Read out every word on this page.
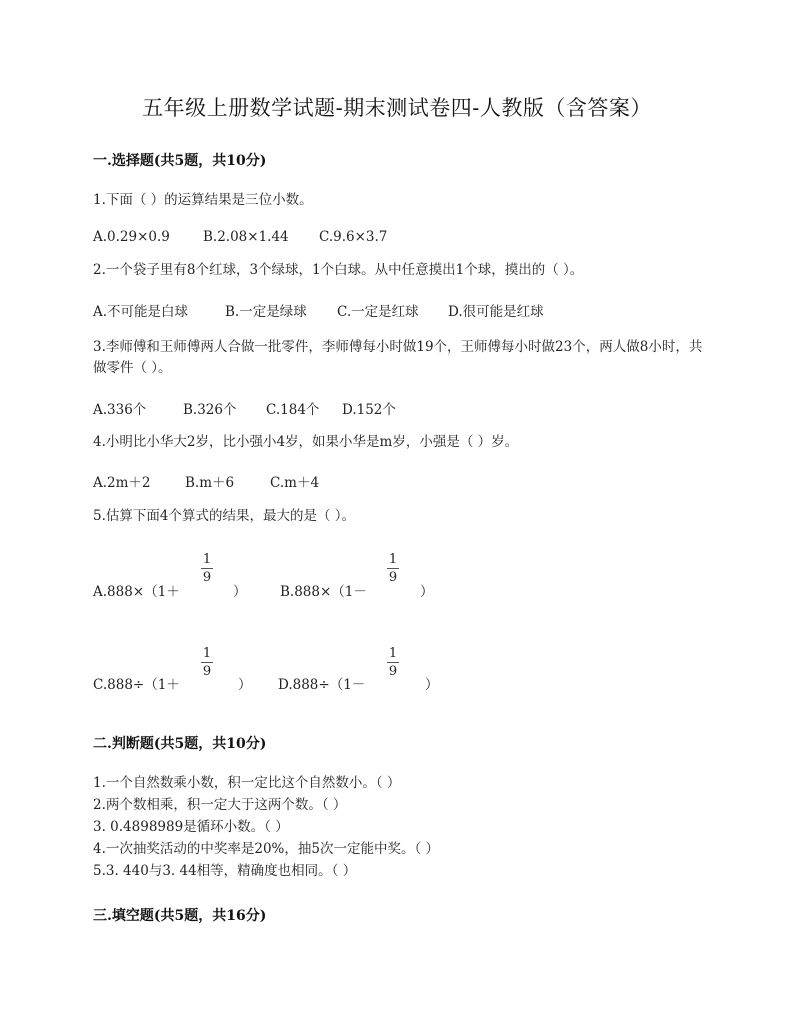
五年级上册数学试题-期末测试卷四-人教版（含答案）
一.选择题(共5题，共10分)
1.下面（ ）的运算结果是三位小数。
A.0.29×0.9 B.2.08×1.44 C.9.6×3.7
2.一个袋子里有8个红球，3个绿球，1个白球。从中任意摸出1个球，摸出的（ ）。
A.不可能是白球	B.一定是绿球 C.一定是红球 D.很可能是红球
3.李师傅和王师傅两人合做一批零件，李师傅每小时做19个，王师傅每小时做23个，两人做8小时，共做零件（ ）。
A.336个	B.326个 C.184个 D.152个
4.小明比小华大2岁，比小强小4岁，如果小华是m岁，小强是（ ）岁。
A.2m＋2	B.m＋6	C.m＋4
5.估算下面4个算式的结果，最大的是（ ）。
A.888×（1＋
1
9
） B.888×（1－
1
9
）
C.888÷（1＋
1
9
） D.888÷（1－
1
9
）
二.判断题(共5题，共10分)
1.一个自然数乘小数，积一定比这个自然数小。（ ）
2.两个数相乘，积一定大于这两个数。（ ）
3. 0.4898989是循环小数。（ ）
4.一次抽奖活动的中奖率是20%，抽5次一定能中奖。（ ）
5.3. 440与3. 44相等，精确度也相同。（ ）
三.填空题(共5题，共16分)
